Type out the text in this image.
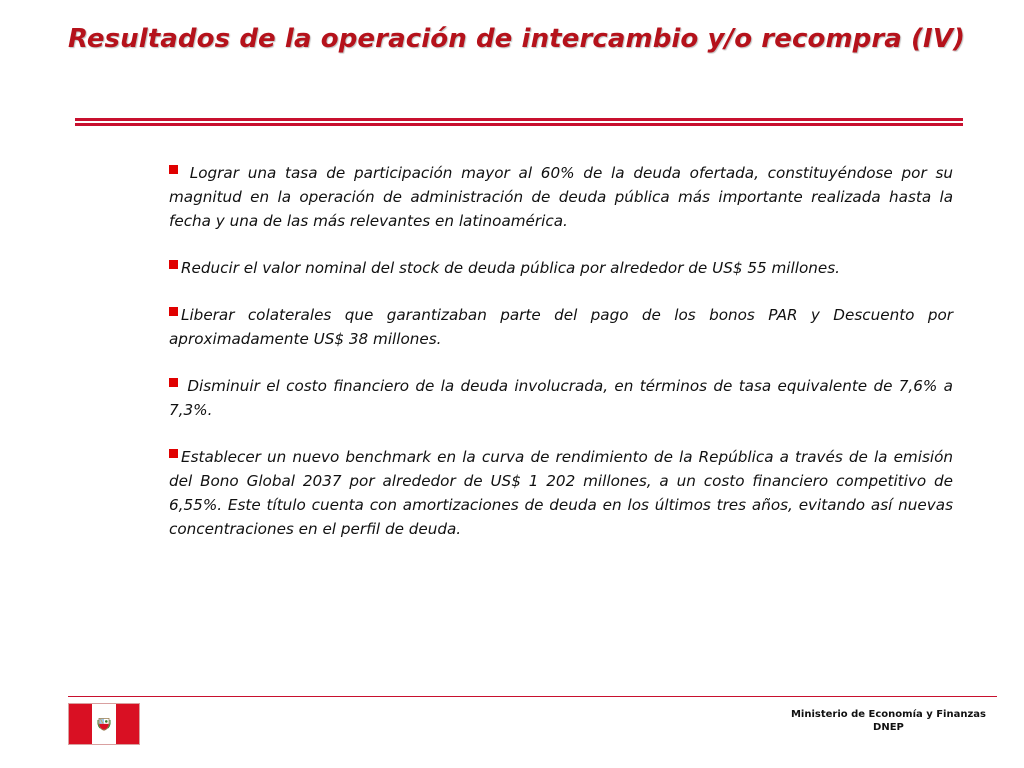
Resultados de la operación de intercambio y/o recompra (IV)
Lograr una tasa de participación mayor al 60% de la deuda ofertada, constituyéndose por su magnitud en la operación de administración de deuda pública más importante realizada hasta la fecha y una de las más relevantes en latinoamérica.
Reducir el valor nominal del stock de deuda pública por alrededor de US$ 55 millones.
Liberar colaterales que garantizaban parte del pago de los bonos PAR y Descuento por aproximadamente US$ 38 millones.
Disminuir el costo financiero de la deuda involucrada, en términos de tasa equivalente de 7,6% a 7,3%.
Establecer un nuevo benchmark en la curva de rendimiento de la República a través de la emisión del Bono Global 2037 por alrededor de US$ 1 202 millones, a un costo financiero competitivo de 6,55%. Este título cuenta con amortizaciones de deuda en los últimos tres años, evitando así nuevas concentraciones en el perfil de deuda.
Ministerio de Economía y Finanzas
DNEP
